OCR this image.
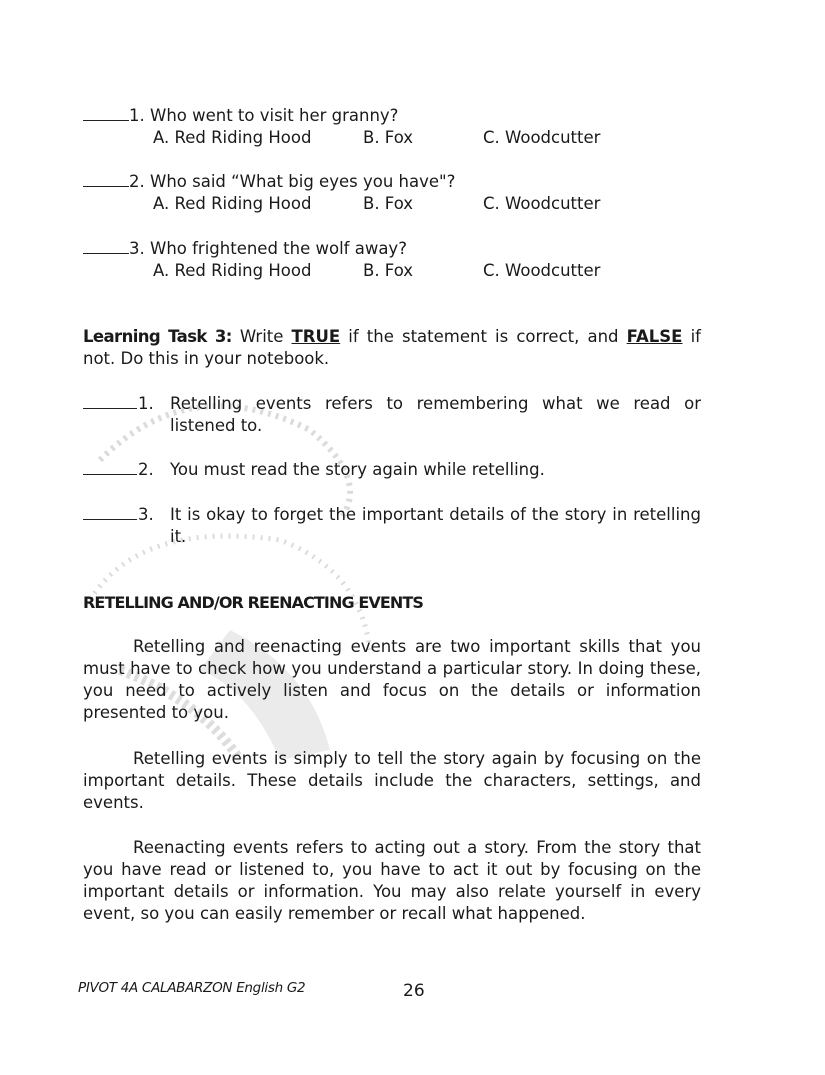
1. Who went to visit her granny?
A. Red Riding Hood	B. Fox	C. Woodcutter
2. Who said “What big eyes you have"?
A. Red Riding Hood	B. Fox	C. Woodcutter
3. Who frightened the wolf away?
A. Red Riding Hood	B. Fox	C. Woodcutter
Learning Task 3: Write TRUE if the statement is correct, and FALSE if not. Do this in your notebook.
1. Retelling events refers to remembering what we read or listened to.
2. You must read the story again while retelling.
3. It is okay to forget the important details of the story in retelling it.
RETELLING AND/OR REENACTING EVENTS
Retelling and reenacting events are two important skills that you must have to check how you understand a particular story. In doing these, you need to actively listen and focus on the details or information presented to you.
Retelling events is simply to tell the story again by focusing on the important details. These details include the characters, settings, and events.
Reenacting events refers to acting out a story. From the story that you have read or listened to, you have to act it out by focusing on the important details or information. You may also relate yourself in every event, so you can easily remember or recall what happened.
PIVOT 4A CALABARZON English G2	26
